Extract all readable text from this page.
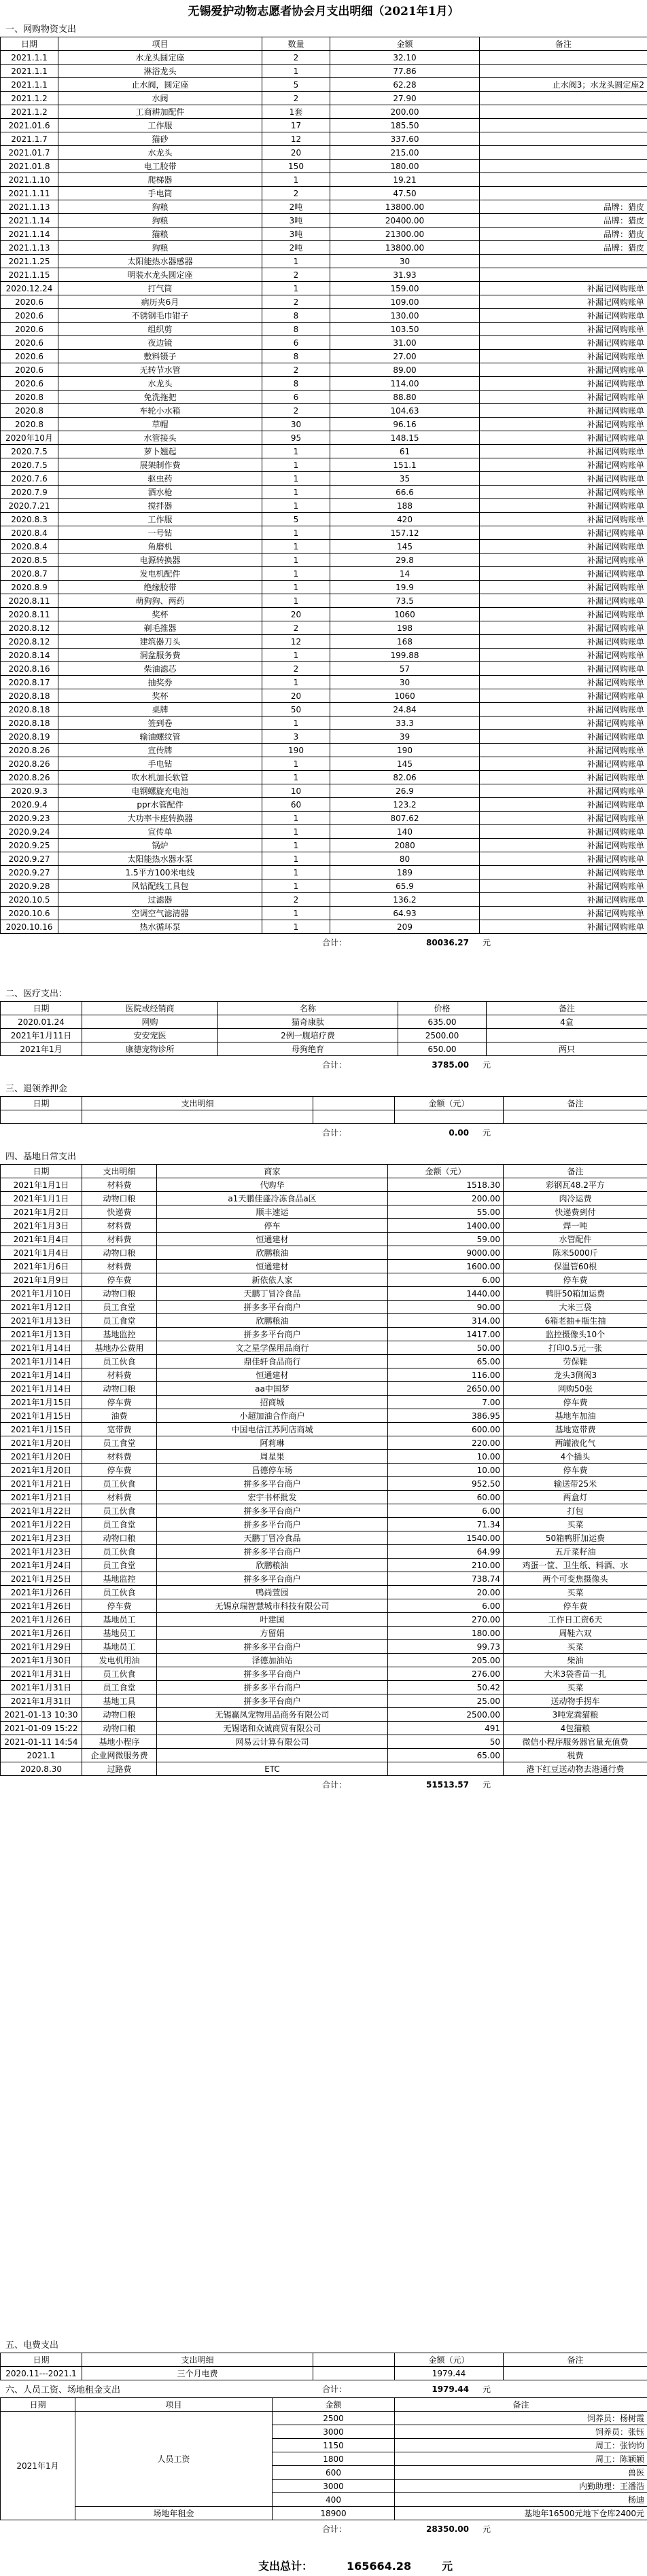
无锡爱护动物志愿者协会月支出明细（2021年1月）
一、网购物资支出
日期	项目	数量	金额	备注
2021.1.1	水龙头圆定座	2	32.10	
2021.1.1	淋浴龙头	1	77.86	
2021.1.1	止水阀，圆定座	5	62.28	止水阀3；水龙头圆定座2
2021.1.2	水阀	2	27.90	
2021.1.2	工商耕加配件	1套	200.00	
2021.01.6	工作服	17	185.50	
2021.1.7	猫砂	12	337.60	
2021.01.7	水龙头	20	215.00	
2021.01.8	电工胶带	150	180.00	
2021.1.10	爬梯器	1	19.21	
2021.1.11	手电筒	2	47.50	
2021.1.13	狗粮	2吨	13800.00	品牌：猎皮
2021.1.14	狗粮	3吨	20400.00	品牌：猎皮
2021.1.14	猫粮	3吨	21300.00	品牌：猎皮
2021.1.13	狗粮	2吨	13800.00	品牌：猎皮
2021.1.25	太阳能热水器感器	1	30	
2021.1.15	明装水龙头圆定座	2	31.93	
2020.12.24	打气筒	1	159.00	补漏记网购账单
2020.6	病历夹6月	2	109.00	补漏记网购账单
2020.6	不锈钢毛巾钳子	8	130.00	补漏记网购账单
2020.6	组织剪	8	103.50	补漏记网购账单
2020.6	夜边镜	6	31.00	补漏记网购账单
2020.6	敷料镊子	8	27.00	补漏记网购账单
2020.6	无转节水管	2	89.00	补漏记网购账单
2020.6	水龙头	8	114.00	补漏记网购账单
2020.8	免洗拖把	6	88.80	补漏记网购账单
2020.8	车轮小水箱	2	104.63	补漏记网购账单
2020.8	草帽	30	96.16	补漏记网购账单
2020年10月	水管接头	95	148.15	补漏记网购账单
2020.7.5	萝卜翘起	1	61	补漏记网购账单
2020.7.5	展架制作费	1	151.1	补漏记网购账单
2020.7.6	驱虫药	1	35	补漏记网购账单
2020.7.9	洒水枪	1	66.6	补漏记网购账单
2020.7.21	搅拌器	1	188	补漏记网购账单
2020.8.3	工作服	5	420	补漏记网购账单
2020.8.4	一号钻	1	157.12	补漏记网购账单
2020.8.4	角磨机	1	145	补漏记网购账单
2020.8.5	电源转换器	1	29.8	补漏记网购账单
2020.8.7	发电机配件	1	14	补漏记网购账单
2020.8.9	绝缘胶带	1	19.9	补漏记网购账单
2020.8.11	萌狗狗、两药	1	73.5	补漏记网购账单
2020.8.11	奖杯	20	1060	补漏记网购账单
2020.8.12	剃毛推器	2	198	补漏记网购账单
2020.8.12	建筑器刀头	12	168	补漏记网购账单
2020.8.14	洞盆服务费	1	199.88	补漏记网购账单
2020.8.16	柴油滤芯	2	57	补漏记网购账单
2020.8.17	抽奖券	1	30	补漏记网购账单
2020.8.18	奖杯	20	1060	补漏记网购账单
2020.8.18	桌牌	50	24.84	补漏记网购账单
2020.8.18	签到卷	1	33.3	补漏记网购账单
2020.8.19	输油螺纹管	3	39	补漏记网购账单
2020.8.26	宣传牌	190	190	补漏记网购账单
2020.8.26	手电钻	1	145	补漏记网购账单
2020.8.26	吹水机加长软管	1	82.06	补漏记网购账单
2020.9.3	电钢螺旋充电池	10	26.9	补漏记网购账单
2020.9.4	ppr水管配件	60	123.2	补漏记网购账单
2020.9.23	大功率卡座转换器	1	807.62	补漏记网购账单
2020.9.24	宣传单	1	140	补漏记网购账单
2020.9.25	锅炉	1	2080	补漏记网购账单
2020.9.27	太阳能热水器水泵	1	80	补漏记网购账单
2020.9.27	1.5平方100米电线	1	189	补漏记网购账单
2020.9.28	风钻配线工具包	1	65.9	补漏记网购账单
2020.10.5	过滤器	2	136.2	补漏记网购账单
2020.10.6	空调空气滤清器	1	64.93	补漏记网购账单
2020.10.16	热水循环泵	1	209	补漏记网购账单
合计：	80036.27 元
二、医疗支出：
日期	医院或经销商	名称	价格	备注
2020.01.24	网购	猫奇康肽	635.00	4盒
2021年1月11日	安安宠医	2例一腹培疗费	2500.00	
2021年1月	康德宠物诊所	母狗绝育	650.00	两只
合计：	3785.00 元
三、退领养押金
日期	支出明细		金额（元）	备注

合计：	0.00 元
四、基地日常支出
日期	支出明细	商家	金额（元）	备注
2021年1月1日	材料费	代购华	1518.30	彩钢瓦48.2平方
2021年1月1日	动物口粮	a1天鹏佳盛冷冻食品a区	200.00	肉冷运费
2021年1月2日	快递费	顺丰速运	55.00	快递费到付
2021年1月3日	材料费	停车	1400.00	焊一吨
2021年1月4日	材料费	恒通建材	59.00	水管配件
2021年1月4日	动物口粮	欣鹏粮油	9000.00	陈米5000斤
2021年1月6日	材料费	恒通建材	1600.00	保温管60根
2021年1月9日	停车费	新依依人家	6.00	停车费
2021年1月10日	动物口粮	天鹏丁冒冷食品	1440.00	鸭肝50箱加运费
2021年1月12日	员工食堂	拼多多平台商户	90.00	大米三袋
2021年1月13日	员工食堂	欣鹏粮油	314.00	6箱老抽+瓶生抽
2021年1月13日	基地监控	拼多多平台商户	1417.00	监控摄像头10个
2021年1月14日	基地办公费用	文之星学保用品商行	50.00	打印0.5元一张
2021年1月14日	员工伙食	鼎佳轩食品商行	65.00	劳保鞋
2021年1月14日	材料费	恒通建材	116.00	龙头3侧阀3
2021年1月14日	动物口粮	aa中国梦	2650.00	网购50张
2021年1月15日	停车费	招商城	7.00	停车费
2021年1月15日	油费	小超加油合作商户	386.95	基地车加油
2021年1月15日	宽带费	中国电信江苏阿店商城	600.00	基地宽带费
2021年1月20日	员工食堂	阿莉琳	220.00	两罐液化气
2021年1月20日	材料费	周星果	10.00	4个插头
2021年1月20日	停车费	昌德停车场	10.00	停车费
2021年1月21日	员工伙食	拼多多平台商户	952.50	输送带25米
2021年1月21日	材料费	宏宇书杯批发	60.00	两盒灯
2021年1月22日	员工伙食	拼多多平台商户	6.00	打包
2021年1月22日	员工食堂	拼多多平台商户	71.34	买菜
2021年1月23日	动物口粮	天鹏丁冒冷食品	1540.00	50箱鸭肝加运费
2021年1月23日	员工伙食	拼多多平台商户	64.99	五斤菜籽油
2021年1月24日	员工食堂	欣鹏粮油	210.00	鸡蛋一筐、卫生纸、料酒、水
2021年1月25日	基地监控	拼多多平台商户	738.74	两个可变焦摄像头
2021年1月26日	员工伙食	鸭尚萱园	20.00	买菜
2021年1月26日	停车费	无锡京瑞智慧城市科技有限公司	6.00	停车费
2021年1月26日	基地员工	叶建国	270.00	工作日工资6天
2021年1月26日	基地员工	方留娟	180.00	周鞋六双
2021年1月29日	基地员工	拼多多平台商户	99.73	买菜
2021年1月30日	发电机用油	泽德加油站	205.00	柴油
2021年1月31日	员工伙食	拼多多平台商户	276.00	大米3袋香苗一扎
2021年1月31日	员工食堂	拼多多平台商户	50.42	买菜
2021年1月31日	基地工具	拼多多平台商户	25.00	送动物手拐车
2021-01-13 10:30	动物口粮	无锡赢凤宠物用品商务有限公司	2500.00	3吨宠粪猫粮
2021-01-09 15:22	动物口粮	无锡诺和众诚商贸有限公司	491	4包猫粮
2021-01-11 14:54	基地小程序	网易云计算有限公司	50	微信小程序服务器官量充值费
2021.1	企业网微服务费		65.00	税费
2020.8.30	过路费	ETC		港下红豆送动物去港通行费
合计：	51513.57 元
五、电费支出
日期	支出明细		金额（元）	备注
2020.11---2021.1	三个月电费		1979.44	
合计：	1979.44 元
六、人员工资、场地租金支出
日期	项目	金额	备注
2021年1月	人员工资	2500	饲养员：杨树霞
		3000	饲养员：张钰
		1150	周工：张钧钧
		1800	周工：陈颖颖
		600	兽医
		3000	内勤助理：王潘浩
		400	杨迪
	场地年租金	18900	基地年16500元地下仓库2400元
合计：	28350.00 元
支出总计：	165664.28	元
